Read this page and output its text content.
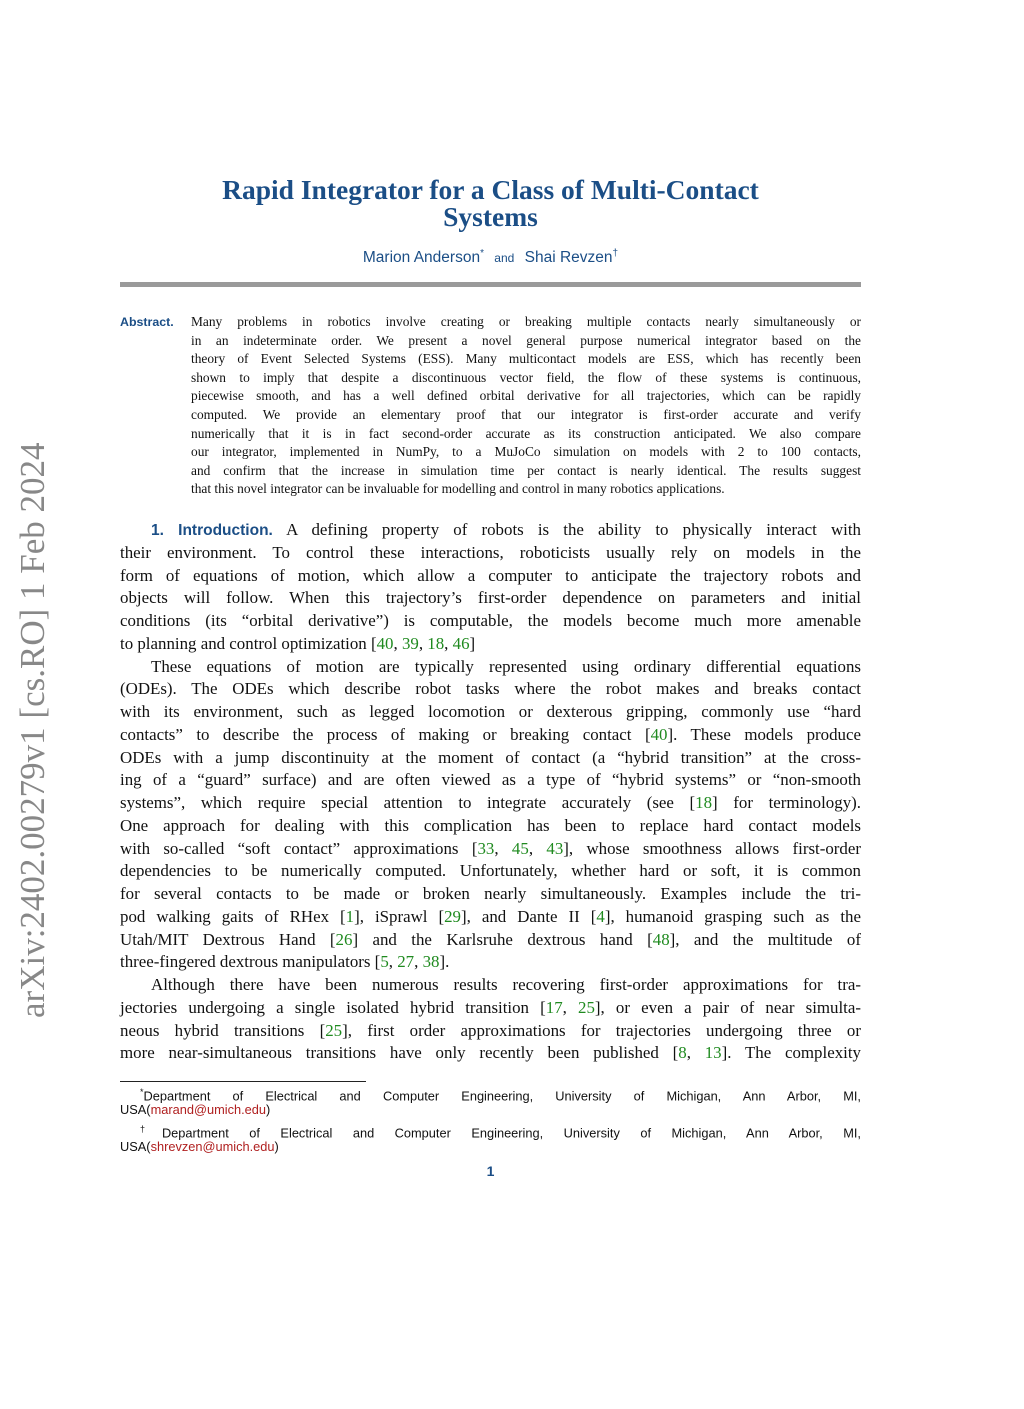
arXiv:2402.00279v1 [cs.RO] 1 Feb 2024
Rapid Integrator for a Class of Multi-Contact
Systems
Marion Anderson* and Shai Revzen†
Abstract. Many problems in robotics involve creating or breaking multiple contacts nearly simultaneously or
in an indeterminate order. We present a novel general purpose numerical integrator based on the
theory of Event Selected Systems (ESS). Many multicontact models are ESS, which has recently been
shown to imply that despite a discontinuous vector field, the flow of these systems is continuous,
piecewise smooth, and has a well defined orbital derivative for all trajectories, which can be rapidly
computed. We provide an elementary proof that our integrator is first-order accurate and verify
numerically that it is in fact second-order accurate as its construction anticipated. We also compare
our integrator, implemented in NumPy, to a MuJoCo simulation on models with 2 to 100 contacts,
and confirm that the increase in simulation time per contact is nearly identical. The results suggest
that this novel integrator can be invaluable for modelling and control in many robotics applications.
1. Introduction. A defining property of robots is the ability to physically interact with
their environment. To control these interactions, roboticists usually rely on models in the
form of equations of motion, which allow a computer to anticipate the trajectory robots and
objects will follow. When this trajectory’s first-order dependence on parameters and initial
conditions (its “orbital derivative”) is computable, the models become much more amenable
to planning and control optimization [40, 39, 18, 46]
These equations of motion are typically represented using ordinary differential equations
(ODEs). The ODEs which describe robot tasks where the robot makes and breaks contact
with its environment, such as legged locomotion or dexterous gripping, commonly use “hard
contacts” to describe the process of making or breaking contact [40]. These models produce
ODEs with a jump discontinuity at the moment of contact (a “hybrid transition” at the cross-
ing of a “guard” surface) and are often viewed as a type of “hybrid systems” or “non-smooth
systems”, which require special attention to integrate accurately (see [18] for terminology).
One approach for dealing with this complication has been to replace hard contact models
with so-called “soft contact” approximations [33, 45, 43], whose smoothness allows first-order
dependencies to be numerically computed. Unfortunately, whether hard or soft, it is common
for several contacts to be made or broken nearly simultaneously. Examples include the tri-
pod walking gaits of RHex [1], iSprawl [29], and Dante II [4], humanoid grasping such as the
Utah/MIT Dextrous Hand [26] and the Karlsruhe dextrous hand [48], and the multitude of
three-fingered dextrous manipulators [5, 27, 38].
Although there have been numerous results recovering first-order approximations for tra-
jectories undergoing a single isolated hybrid transition [17, 25], or even a pair of near simulta-
neous hybrid transitions [25], first order approximations for trajectories undergoing three or
more near-simultaneous transitions have only recently been published [8, 13]. The complexity
*Department of Electrical and Computer Engineering, University of Michigan, Ann Arbor, MI,
USA(marand@umich.edu)
†Department of Electrical and Computer Engineering, University of Michigan, Ann Arbor, MI,
USA(shrevzen@umich.edu)
1
